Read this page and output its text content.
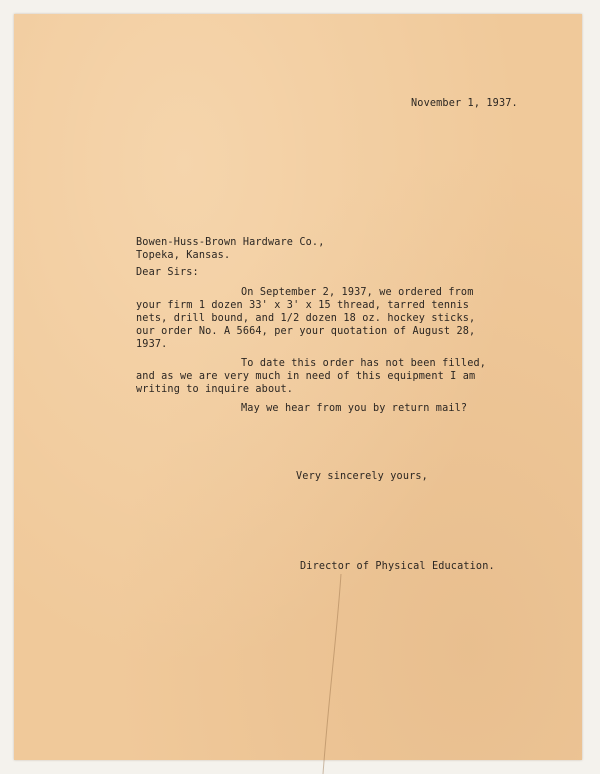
November 1, 1937.
Bowen-Huss-Brown Hardware Co.,
Topeka, Kansas.
Dear Sirs:
On September 2, 1937, we ordered from
your firm 1 dozen 33' x 3' x 15 thread, tarred tennis
nets, drill bound, and 1/2 dozen 18 oz. hockey sticks,
our order No. A 5664, per your quotation of August 28,
1937.
To date this order has not been filled,
and as we are very much in need of this equipment I am
writing to inquire about.
May we hear from you by return mail?
Very sincerely yours,
Director of Physical Education.
